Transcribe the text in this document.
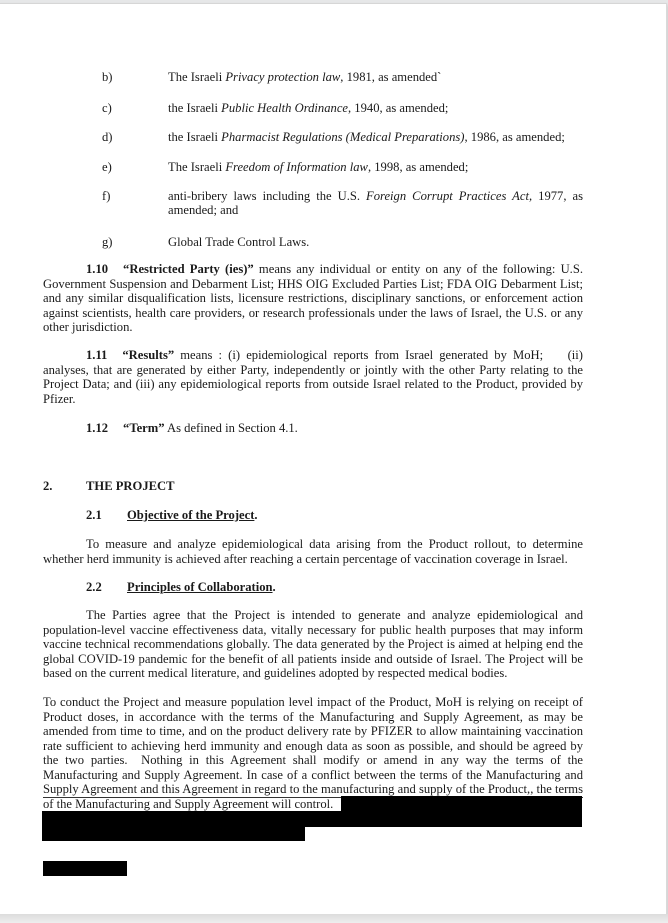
b)	The Israeli Privacy protection law, 1981, as amended`
c)	the Israeli Public Health Ordinance, 1940, as amended;
d)	the Israeli Pharmacist Regulations (Medical Preparations), 1986, as amended;
e)	The Israeli Freedom of Information law, 1998, as amended;
f)	anti-bribery laws including the U.S. Foreign Corrupt Practices Act, 1977, as
amended; and
g)	Global Trade Control Laws.
1.10 “Restricted Party (ies)” means any individual or entity on any of the following: U.S.
Government Suspension and Debarment List; HHS OIG Excluded Parties List; FDA OIG Debarment List;
and any similar disqualification lists, licensure restrictions, disciplinary sanctions, or enforcement action
against scientists, health care providers, or research professionals under the laws of Israel, the U.S. or any
other jurisdiction.
1.11 “Results” means : (i) epidemiological reports from Israel generated by MoH;    (ii)
analyses, that are generated by either Party, independently or jointly with the other Party relating to the
Project Data; and (iii) any epidemiological reports from outside Israel related to the Product, provided by
Pfizer.
1.12 “Term” As defined in Section 4.1.
2.	THE PROJECT
2.1 Objective of the Project.
To measure and analyze epidemiological data arising from the Product rollout, to determine
whether herd immunity is achieved after reaching a certain percentage of vaccination coverage in Israel.
2.2 Principles of Collaboration.
The Parties agree that the Project is intended to generate and analyze epidemiological and
population-level vaccine effectiveness data, vitally necessary for public health purposes that may inform
vaccine technical recommendations globally. The data generated by the Project is aimed at helping end the
global COVID-19 pandemic for the benefit of all patients inside and outside of Israel. The Project will be
based on the current medical literature, and guidelines adopted by respected medical bodies.
To conduct the Project and measure population level impact of the Product, MoH is relying on receipt of
Product doses, in accordance with the terms of the Manufacturing and Supply Agreement, as may be
amended from time to time, and on the product delivery rate by PFIZER to allow maintaining vaccination
rate sufficient to achieving herd immunity and enough data as soon as possible, and should be agreed by
the two parties.  Nothing in this Agreement shall modify or amend in any way the terms of the
Manufacturing and Supply Agreement. In case of a conflict between the terms of the Manufacturing and
Supply Agreement and this Agreement in regard to the manufacturing and supply of the Product,, the terms
of the Manufacturing and Supply Agreement will control.
